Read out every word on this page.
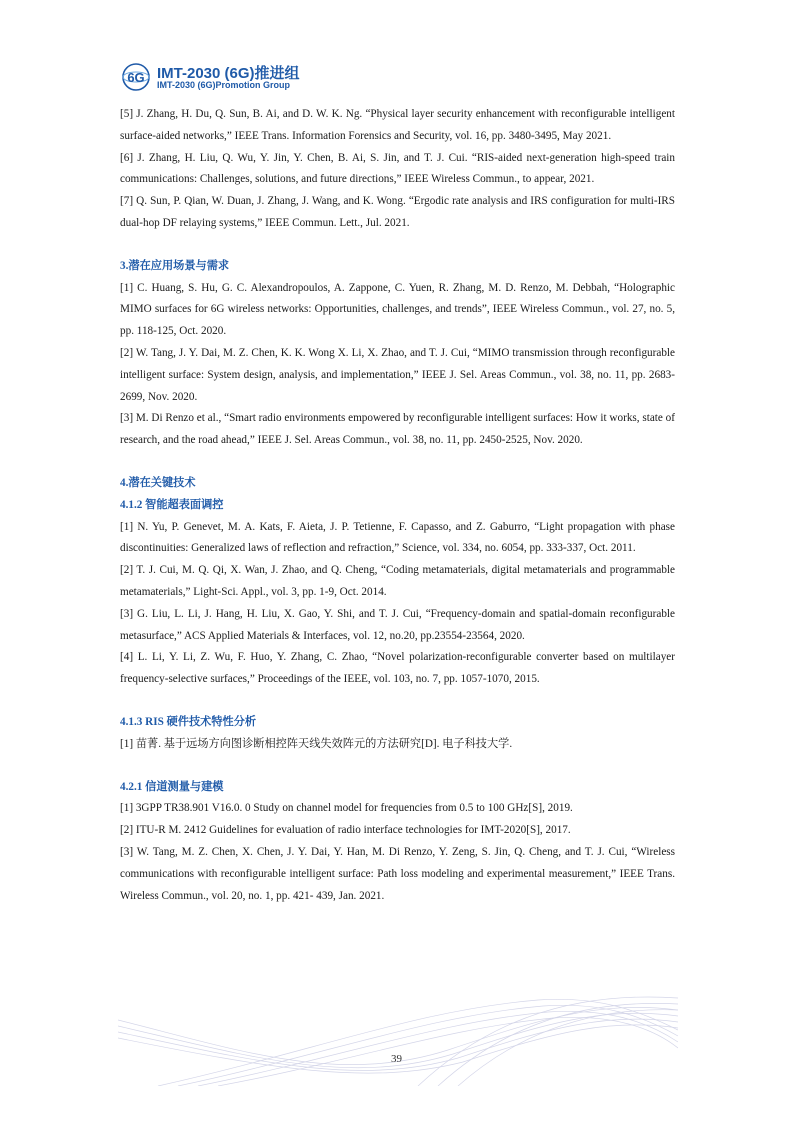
6G IMT-2030 (6G)推进组
IMT-2030 (6G)Promotion Group

[5] J. Zhang, H. Du, Q. Sun, B. Ai, and D. W. K. Ng. “Physical layer security enhancement with reconfigurable intelligent surface-aided networks,” IEEE Trans. Information Forensics and Security, vol. 16, pp. 3480-3495, May 2021.

[6] J. Zhang, H. Liu, Q. Wu, Y. Jin, Y. Chen, B. Ai, S. Jin, and T. J. Cui. “RIS-aided next-generation high-speed train communications: Challenges, solutions, and future directions,” IEEE Wireless Commun., to appear, 2021.

[7] Q. Sun, P. Qian, W. Duan, J. Zhang, J. Wang, and K. Wong. “Ergodic rate analysis and IRS configuration for multi-IRS dual-hop DF relaying systems,” IEEE Commun. Lett., Jul. 2021.

3.潜在应用场景与需求

[1] C. Huang, S. Hu, G. C. Alexandropoulos, A. Zappone, C. Yuen, R. Zhang, M. D. Renzo, M. Debbah, “Holographic MIMO surfaces for 6G wireless networks: Opportunities, challenges, and trends”, IEEE Wireless Commun., vol. 27, no. 5, pp. 118-125, Oct. 2020.

[2] W. Tang, J. Y. Dai, M. Z. Chen, K. K. Wong X. Li, X. Zhao, and T. J. Cui, “MIMO transmission through reconfigurable intelligent surface: System design, analysis, and implementation,” IEEE J. Sel. Areas Commun., vol. 38, no. 11, pp. 2683-2699, Nov. 2020.

[3] M. Di Renzo et al., “Smart radio environments empowered by reconfigurable intelligent surfaces: How it works, state of research, and the road ahead,” IEEE J. Sel. Areas Commun., vol. 38, no. 11, pp. 2450-2525, Nov. 2020.

4.潜在关键技术

4.1.2 智能超表面调控

[1] N. Yu, P. Genevet, M. A. Kats, F. Aieta, J. P. Tetienne, F. Capasso, and Z. Gaburro, “Light propagation with phase discontinuities: Generalized laws of reflection and refraction,” Science, vol. 334, no. 6054, pp. 333-337, Oct. 2011.

[2] T. J. Cui, M. Q. Qi, X. Wan, J. Zhao, and Q. Cheng, “Coding metamaterials, digital metamaterials and programmable metamaterials,” Light-Sci. Appl., vol. 3, pp. 1-9, Oct. 2014.

[3] G. Liu, L. Li, J. Hang, H. Liu, X. Gao, Y. Shi, and T. J. Cui, “Frequency-domain and spatial-domain reconfigurable metasurface,” ACS Applied Materials & Interfaces, vol. 12, no.20, pp.23554-23564, 2020.

[4] L. Li, Y. Li, Z. Wu, F. Huo, Y. Zhang, C. Zhao, “Novel polarization-reconfigurable converter based on multilayer frequency-selective surfaces,” Proceedings of the IEEE, vol. 103, no. 7, pp. 1057-1070, 2015.

4.1.3 RIS 硬件技术特性分析

[1] 苗菁. 基于远场方向图诊断相控阵天线失效阵元的方法研究[D]. 电子科技大学.

4.2.1 信道测量与建模

[1] 3GPP TR38.901 V16.0. 0 Study on channel model for frequencies from 0.5 to 100 GHz[S], 2019.

[2] ITU-R M. 2412 Guidelines for evaluation of radio interface technologies for IMT-2020[S], 2017.

[3] W. Tang, M. Z. Chen, X. Chen, J. Y. Dai, Y. Han, M. Di Renzo, Y. Zeng, S. Jin, Q. Cheng, and T. J. Cui, “Wireless communications with reconfigurable intelligent surface: Path loss modeling and experimental measurement,” IEEE Trans. Wireless Commun., vol. 20, no. 1, pp. 421- 439, Jan. 2021.

39
